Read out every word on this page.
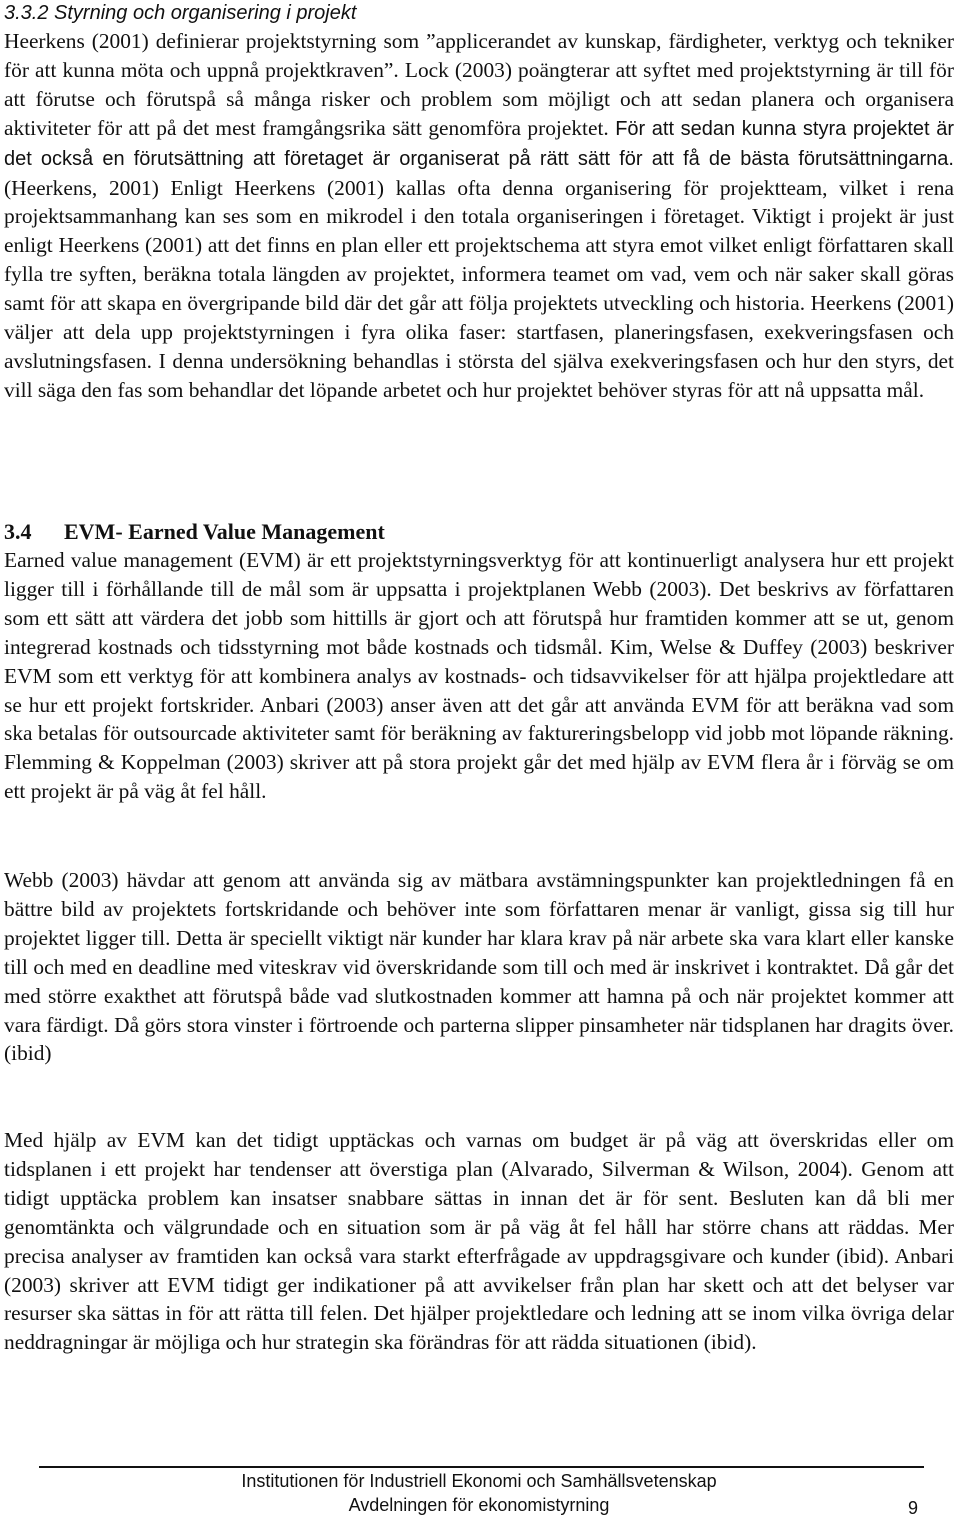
3.3.2 Styrning och organisering i projekt

Heerkens (2001) definierar projektstyrning som ”applicerandet av kunskap, färdigheter, verktyg och tekniker för att kunna möta och uppnå projektkraven”. Lock (2003) poängterar att syftet med projektstyrning är till för att förutse och förutspå så många risker och problem som möjligt och att sedan planera och organisera aktiviteter för att på det mest framgångsrika sätt genomföra projektet. För att sedan kunna styra projektet är det också en förutsättning att företaget är organiserat på rätt sätt för att få de bästa förutsättningarna. (Heerkens, 2001) Enligt Heerkens (2001) kallas ofta denna organisering för projektteam, vilket i rena projektsammanhang kan ses som en mikrodel i den totala organiseringen i företaget. Viktigt i projekt är just enligt Heerkens (2001) att det finns en plan eller ett projektschema att styra emot vilket enligt författaren skall fylla tre syften, beräkna totala längden av projektet, informera teamet om vad, vem och när saker skall göras samt för att skapa en övergripande bild där det går att följa projektets utveckling och historia. Heerkens (2001) väljer att dela upp projektstyrningen i fyra olika faser: startfasen, planeringsfasen, exekveringsfasen och avslutningsfasen. I denna undersökning behandlas i största del själva exekveringsfasen och hur den styrs, det vill säga den fas som behandlar det löpande arbetet och hur projektet behöver styras för att nå uppsatta mål.

3.4 EVM- Earned Value Management

Earned value management (EVM) är ett projektstyrningsverktyg för att kontinuerligt analysera hur ett projekt ligger till i förhållande till de mål som är uppsatta i projektplanen Webb (2003). Det beskrivs av författaren som ett sätt att värdera det jobb som hittills är gjort och att förutspå hur framtiden kommer att se ut, genom integrerad kostnads och tidsstyrning mot både kostnads och tidsmål. Kim, Welse & Duffey (2003) beskriver EVM som ett verktyg för att kombinera analys av kostnads- och tidsavvikelser för att hjälpa projektledare att se hur ett projekt fortskrider. Anbari (2003) anser även att det går att använda EVM för att beräkna vad som ska betalas för outsourcade aktiviteter samt för beräkning av faktureringsbelopp vid jobb mot löpande räkning. Flemming & Koppelman (2003) skriver att på stora projekt går det med hjälp av EVM flera år i förväg se om ett projekt är på väg åt fel håll.

Webb (2003) hävdar att genom att använda sig av mätbara avstämningspunkter kan projektledningen få en bättre bild av projektets fortskridande och behöver inte som författaren menar är vanligt, gissa sig till hur projektet ligger till. Detta är speciellt viktigt när kunder har klara krav på när arbete ska vara klart eller kanske till och med en deadline med viteskrav vid överskridande som till och med är inskrivet i kontraktet. Då går det med större exakthet att förutspå både vad slutkostnaden kommer att hamna på och när projektet kommer att vara färdigt. Då görs stora vinster i förtroende och parterna slipper pinsamheter när tidsplanen har dragits över. (ibid)

Med hjälp av EVM kan det tidigt upptäckas och varnas om budget är på väg att överskridas eller om tidsplanen i ett projekt har tendenser att överstiga plan (Alvarado, Silverman & Wilson, 2004). Genom att tidigt upptäcka problem kan insatser snabbare sättas in innan det är för sent. Besluten kan då bli mer genomtänkta och välgrundade och en situation som är på väg åt fel håll har större chans att räddas. Mer precisa analyser av framtiden kan också vara starkt efterfrågade av uppdragsgivare och kunder (ibid). Anbari (2003) skriver att EVM tidigt ger indikationer på att avvikelser från plan har skett och att det belyser var resurser ska sättas in för att rätta till felen. Det hjälper projektledare och ledning att se inom vilka övriga delar neddragningar är möjliga och hur strategin ska förändras för att rädda situationen (ibid).

Institutionen för Industriell Ekonomi och Samhällsvetenskap

Avdelningen för ekonomistyrning	9
